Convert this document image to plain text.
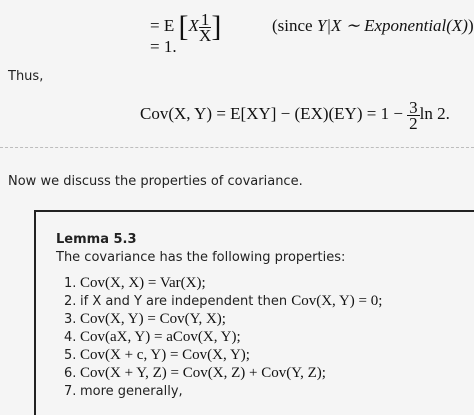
= E [$X \frac{1}{X}$ ]	(since Y|X ∼ Exponential(X))
= 1.
Thus,
Cov(X, $Y) = E[XY] - (EX)(EY) = 1 - \frac{3}{2}$ ln 2.
Now we discuss the properties of covariance.
Lemma 5.3
The covariance has the following properties:
1. Cov(X, X) = Var(X);
2. if X and Y are independent then Cov(X, Y) = 0;
3. Cov(X, Y) = Cov(Y, X);
4. Cov(aX, Y) = aCov(X, Y);
5. Cov(X + c, Y) = Cov(X, Y);
6. Cov(X + Y, Z) = Cov(X, Z) + Cov(Y, Z);
7. more generally,
